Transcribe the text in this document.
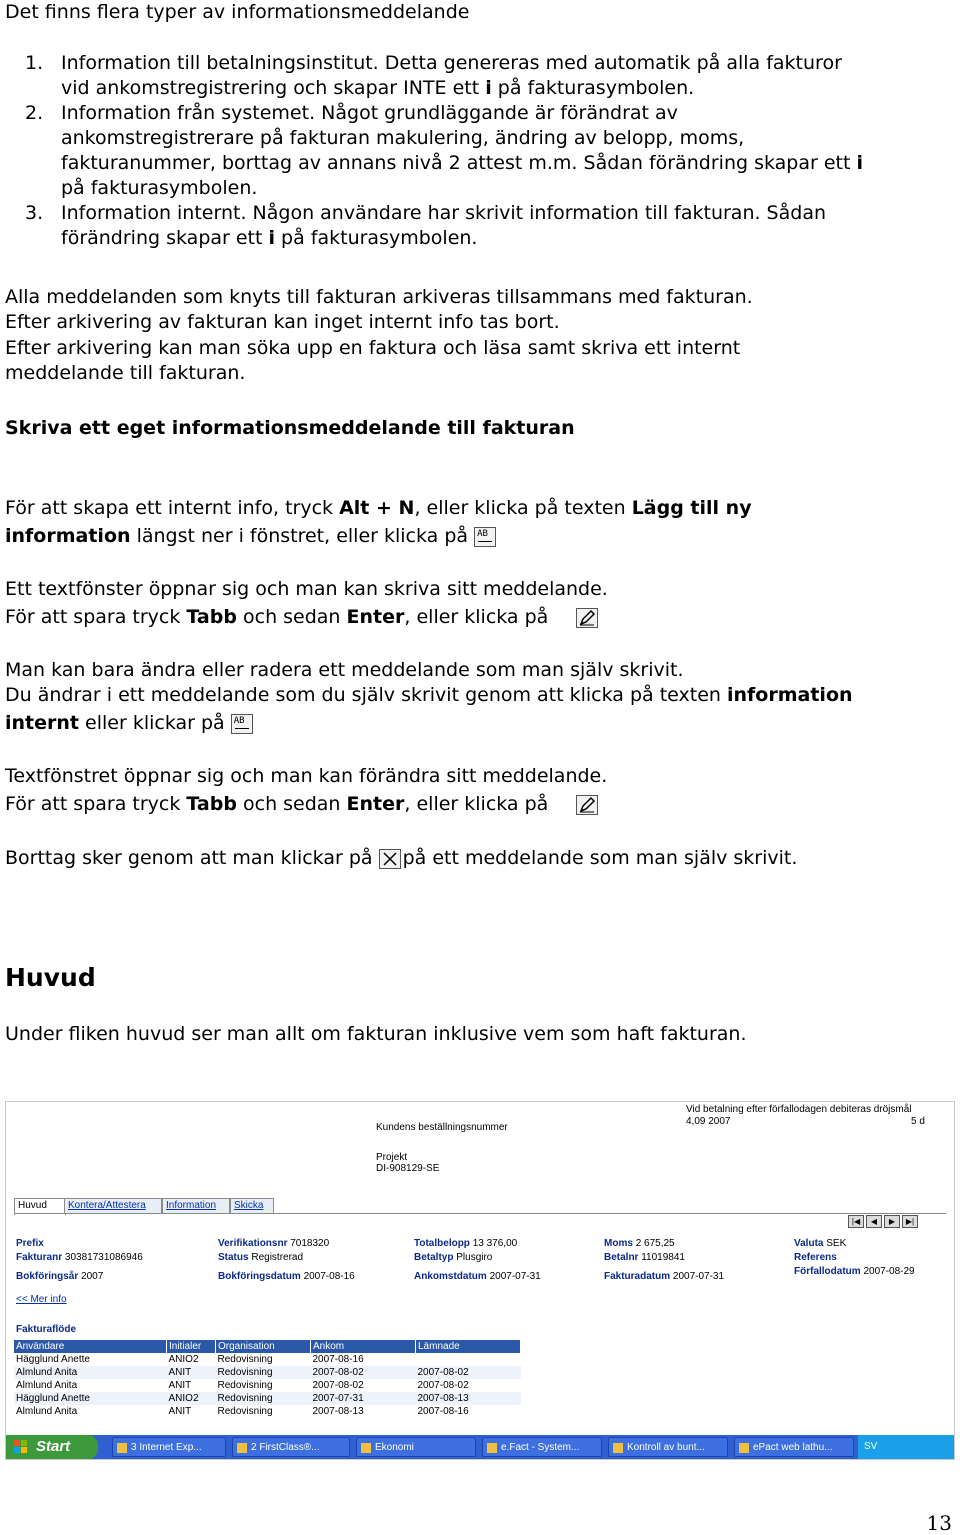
Det finns flera typer av informationsmeddelande
1. Information till betalningsinstitut. Detta genereras med automatik på alla fakturor
vid ankomstregistrering och skapar INTE ett i på fakturasymbolen.
2. Information från systemet. Något grundläggande är förändrat av
ankomstregistrerare på fakturan makulering, ändring av belopp, moms,
fakturanummer, borttag av annans nivå 2 attest m.m. Sådan förändring skapar ett i
på fakturasymbolen.
3. Information internt. Någon användare har skrivit information till fakturan. Sådan
förändring skapar ett i på fakturasymbolen.
Alla meddelanden som knyts till fakturan arkiveras tillsammans med fakturan.
Efter arkivering av fakturan kan inget internt info tas bort.
Efter arkivering kan man söka upp en faktura och läsa samt skriva ett internt
meddelande till fakturan.
Skriva ett eget informationsmeddelande till fakturan
För att skapa ett internt info, tryck Alt + N, eller klicka på texten Lägg till ny
information längst ner i fönstret, eller klicka påAB
Ett textfönster öppnar sig och man kan skriva sitt meddelande.
För att spara tryck Tabb och sedan Enter, eller klicka på
Man kan bara ändra eller radera ett meddelande som man själv skrivit.
Du ändrar i ett meddelande som du själv skrivit genom att klicka på texten information
internt eller klickar påAB
Textfönstret öppnar sig och man kan förändra sitt meddelande.
För att spara tryck Tabb och sedan Enter, eller klicka på
Borttag sker genom att man klickar på
på ett meddelande som man själv skrivit.
Huvud
Under fliken huvud ser man allt om fakturan inklusive vem som haft fakturan.
Vid betalning efter förfallodagen debiteras dröjsmål
4,09 2007	5 d
Kundens beställningsnummer
Projekt
DI-908129-SE
Huvud	Kontera/Attestera	Information	Skicka
|◀	◀	▶	▶|
Prefix	Verifikationsnr 7018320	Totalbelopp 13 376,00	Moms 2 675,25	Valuta SEK
Fakturanr 30381731086946	Status Registrerad	Betaltyp Plusgiro	Betalnr 11019841	Referens
Bokföringsår 2007	Bokföringsdatum 2007-08-16	Ankomstdatum 2007-07-31	Fakturadatum 2007-07-31	Förfallodatum 2007-08-29
<< Mer info
Fakturaflöde
Användare	Initialer	Organisation	Ankom	Lämnade
Hägglund Anette	ANIO2	Redovisning	2007-08-16	
Almlund Anita	ANIT	Redovisning	2007-08-02	2007-08-02
Almlund Anita	ANIT	Redovisning	2007-08-02	2007-08-02
Hägglund Anette	ANIO2	Redovisning	2007-07-31	2007-08-13
Almlund Anita	ANIT	Redovisning	2007-08-13	2007-08-16
Start	3 Internet Exp...	2 FirstClass®...	Ekonomi	e.Fact - System...	Kontroll av bunt...	ePact web lathu...	SV
13
